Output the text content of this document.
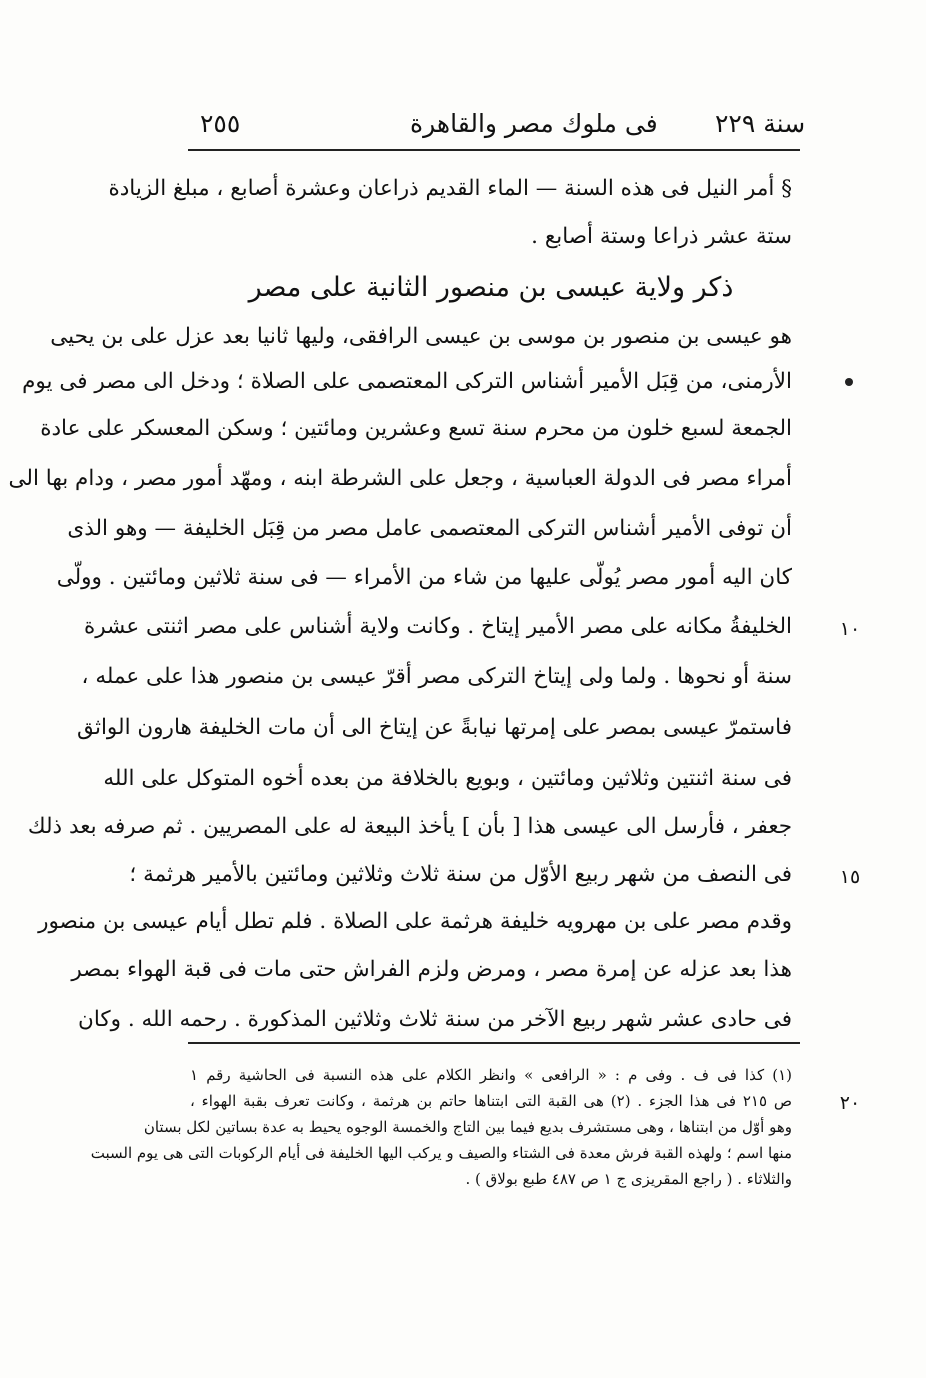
٢٥٥	فى ملوك مصر والقاهرة سنة ٢٢٩
§ أمر النيل فى هذه السنة — الماء القديم ذراعان وعشرة أصابع ، مبلغ الزيادة
ستة عشر ذراعا وستة أصابع .
ذكر ولاية عيسى بن منصور الثانية على مصر
هو عيسى بن منصور بن موسى بن عيسى الرافقى، وليها ثانيا بعد عزل على بن يحيى
الأرمنى، من قِبَل الأمير أشناس التركى المعتصمى على الصلاة ؛ ودخل الى مصر فى يوم
الجمعة لسبع خلون من محرم سنة تسع وعشرين ومائتين ؛ وسكن المعسكر على عادة
أمراء مصر فى الدولة العباسية ، وجعل على الشرطة ابنه ، ومهّد أمور مصر ، ودام بها الى
أن توفى الأمير أشناس التركى المعتصمى عامل مصر من قِبَل الخليفة — وهو الذى
كان اليه أمور مصر يُولّى عليها من شاء من الأمراء — فى سنة ثلاثين ومائتين . وولّى
الخليفةُ مكانه على مصر الأمير إيتاخ . وكانت ولاية أشناس على مصر اثنتى عشرة
سنة أو نحوها . ولما ولى إيتاخ التركى مصر أقرّ عيسى بن منصور هذا على عمله ،
فاستمرّ عيسى بمصر على إمرتها نيابةً عن إيتاخ الى أن مات الخليفة هارون الواثق
فى سنة اثنتين وثلاثين ومائتين ، وبويع بالخلافة من بعده أخوه المتوكل على الله
جعفر ، فأرسل الى عيسى هذا [ بأن ] يأخذ البيعة له على المصريين . ثم صرفه بعد ذلك
فى النصف من شهر ربيع الأوّل من سنة ثلاث وثلاثين ومائتين بالأمير هرثمة ؛
وقدم مصر على بن مهرويه خليفة هرثمة على الصلاة . فلم تطل أيام عيسى بن منصور
هذا بعد عزله عن إمرة مصر ، ومرض ولزم الفراش حتى مات فى قبة الهواء بمصر
فى حادى عشر شهر ربيع الآخر من سنة ثلاث وثلاثين المذكورة . رحمه الله . وكان
١٠
١٥
٢٠
(١) كذا فى ف . وفى م : « الرافعى » وانظر الكلام على هذه النسبة فى الحاشية رقم ١
ص ٢١٥ فى هذا الجزء . (٢) هى القبة التى ابتناها حاتم بن هرثمة ، وكانت تعرف بقبة الهواء ،
وهو أوّل من ابتناها ، وهى مستشرف بديع فيما بين التاج والخمسة الوجوه يحيط به عدة بساتين لكل بستان
منها اسم ؛ ولهذه القبة فرش معدة فى الشتاء والصيف و يركب اليها الخليفة فى أيام الركوبات التى هى يوم السبت
والثلاثاء . ( راجع المقريزى ج ١ ص ٤٨٧ طبع بولاق ) .
